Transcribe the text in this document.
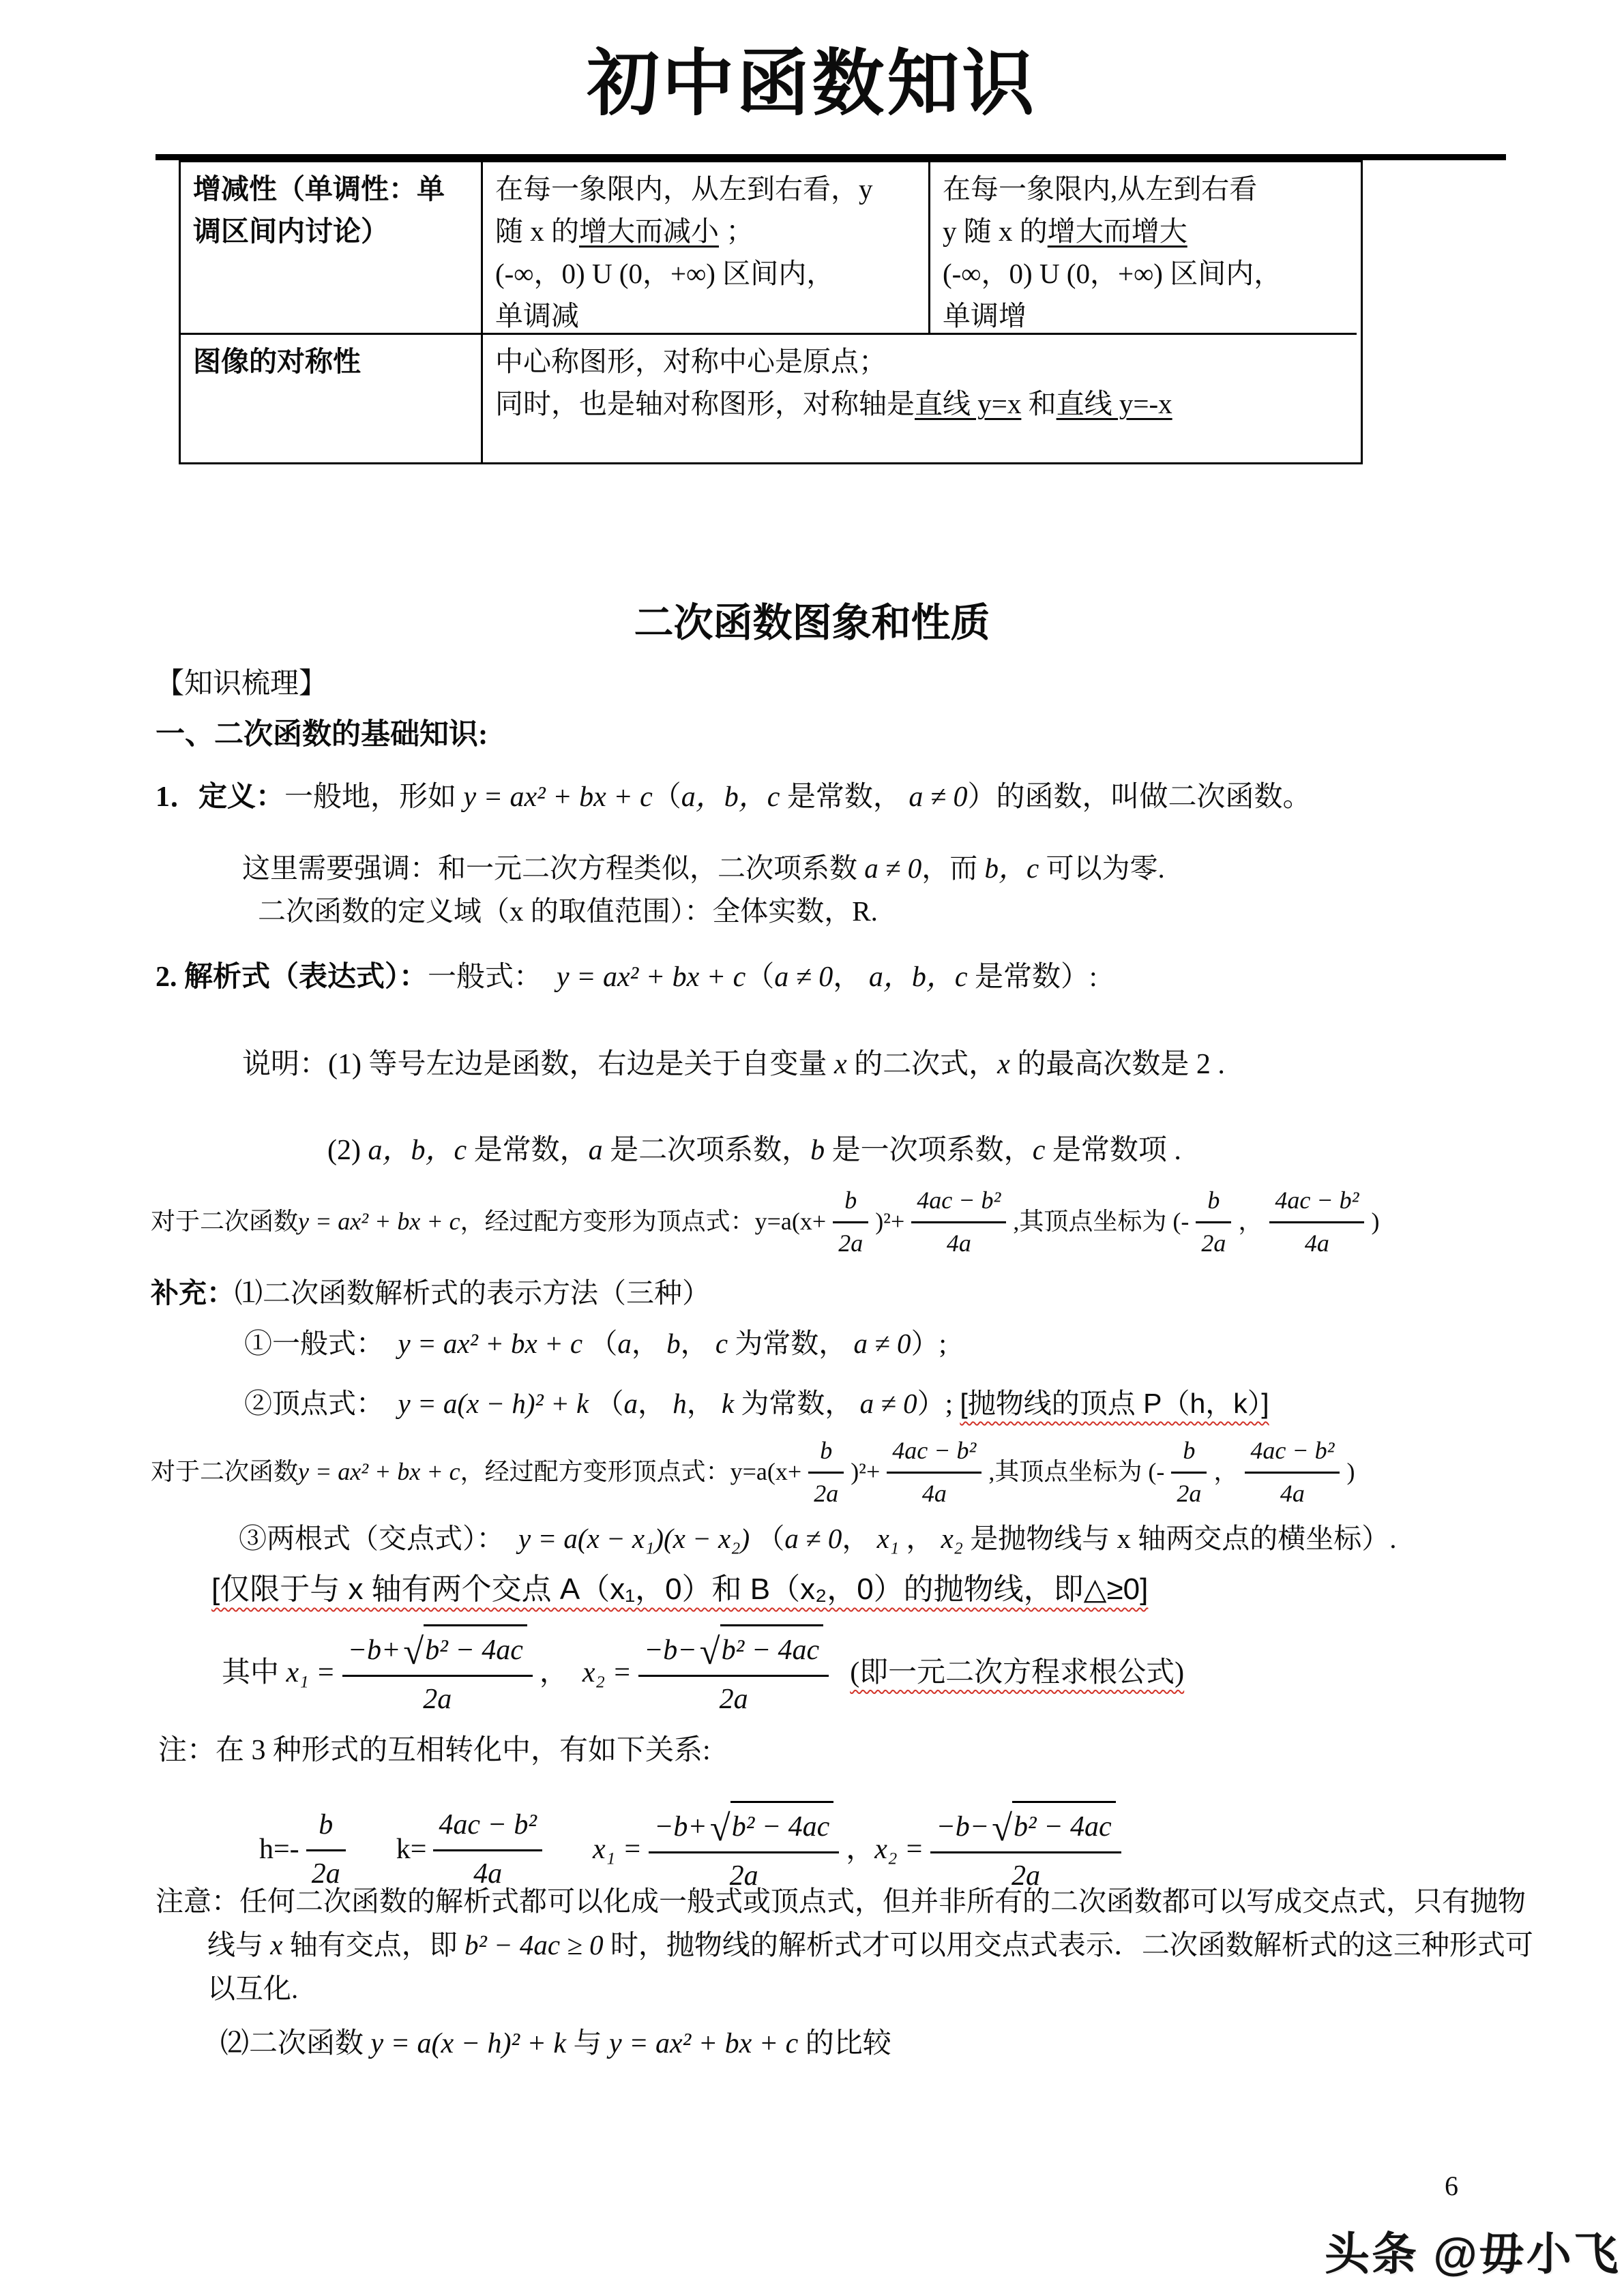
初中函数知识
增减性（单调性：单调区间内讨论）
在每一象限内，从左到右看，y
随 x 的增大而减小 ；
(-∞，0) U (0，+∞) 区间内，
单调减
在每一象限内,从左到右看
y 随 x 的增大而增大
(-∞，0) U (0，+∞) 区间内，
单调增
图像的对称性	中心称图形，对称中心是原点；
同时，也是轴对称图形，对称轴是直线 y=x 和直线 y=-x
二次函数图象和性质
【知识梳理】
一、二次函数的基础知识:
1．定义：一般地，形如 y = ax² + bx + c（a，b，c 是常数， a ≠ 0）的函数，叫做二次函数。
这里需要强调：和一元二次方程类似，二次项系数 a ≠ 0，而 b，c 可以为零.
二次函数的定义域（x 的取值范围）：全体实数，R.
2. 解析式（表达式）：一般式：  y = ax² + bx + c（a ≠ 0， a，b，c 是常数）:
说明：(1) 等号左边是函数，右边是关于自变量 x 的二次式，x 的最高次数是 2 .
(2) a，b，c 是常数，a 是二次项系数，b 是一次项系数，c 是常数项 .
对于二次函数 y = ax² + bx + c ，经过配方变形为顶点式：$y=a(x+ \frac{b}{2a} )^2+ \frac{\text{4ac − b²}}{4a}$ ,其顶点坐标为 (- $\frac{b}{2a}$ ， $\frac{\text{4ac − b²}}{4a}$ )
补充：⑴二次函数解析式的表示方法（三种）
①一般式：  y = ax² + bx + c （a， b， c 为常数， a ≠ 0）;
②顶点式：  y = a(x − h)² + k （a， h， k 为常数， a ≠ 0）; [抛物线的顶点 P（h，k）]
对于二次函数 y = ax² + bx + c ，经过配方变形顶点式：$y=a(x+ \frac{b}{2a} )^2+ \frac{\text{4ac − b²}}{4a}$ ,其顶点坐标为 (- $\frac{b}{2a}$ ， $\frac{\text{4ac − b²}}{4a}$ )
③两根式（交点式）：  y = a(x − x₁)(x − x₂) （a ≠ 0， x₁ ， x₂ 是抛物线与 x 轴两交点的横坐标）.
[仅限于与 x 轴有两个交点 A（x₁，0）和 B（x₂，0）的抛物线，即△≥0]
其中 $x_1 = \frac{\text{−b+ √ b² − 4ac}}{2a}$ ， $x_2 = \frac{\text{−b− √ b² − 4ac}}{2a}$
(即一元二次方程求根公式)
注：在 3 种形式的互相转化中，有如下关系:
$h=- \frac{b}{2a} k= \frac{\text{4ac − b²}}{4a} x_1 = \frac{\text{−b+ √ b² − 4ac}}{2a}$ ， $x_2 = \frac{\text{−b− √ b² − 4ac}}{2a}$
注意：任何二次函数的解析式都可以化成一般式或顶点式，但并非所有的二次函数都可以写成交点式，只有抛物线与 x 轴有交点，即 b² − 4ac ≥ 0 时，抛物线的解析式才可以用交点式表示．二次函数解析式的这三种形式可以互化.
⑵二次函数 y = a(x − h)² + k 与 y = ax² + bx + c 的比较
6
头条 @毋小飞
